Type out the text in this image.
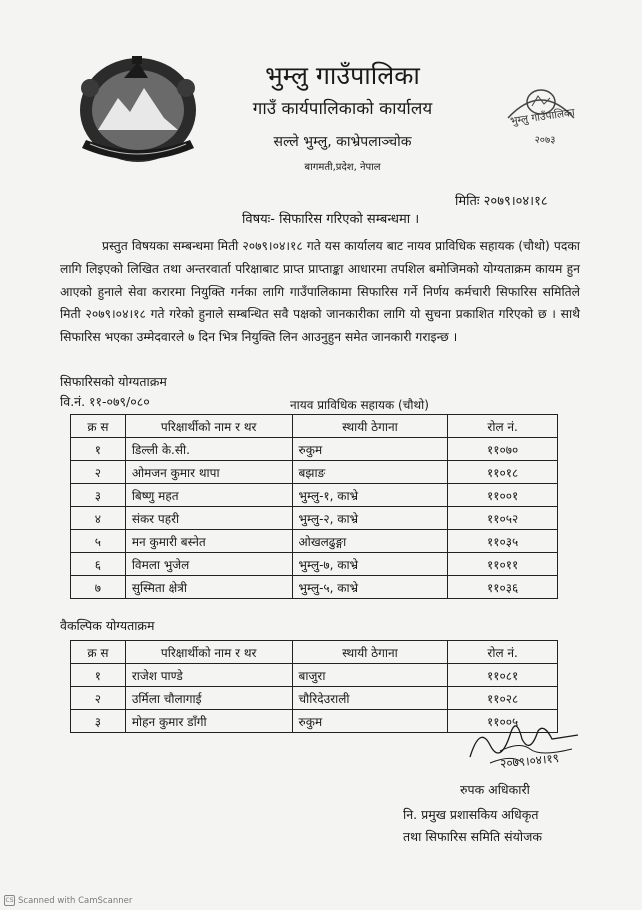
भुम्लु गाउँपालिका
२०७३
भुम्लु गाउँपालिका
गाउँ कार्यपालिकाको कार्यालय
सल्ले भुम्लु, काभ्रेपलाञ्चोक
बागमती,प्रदेश, नेपाल
मितिः २०७९।०४।१८
विषयः- सिफारिस गरिएको सम्बन्धमा ।

प्रस्तुत विषयका सम्बन्धमा मिती २०७९।०४।१८ गते यस कार्यालय बाट नायव प्राविधिक सहायक (चौथो) पदका लागि लिइएको लिखित तथा अन्तरवार्ता परिक्षाबाट प्राप्त प्राप्ताङ्का आधारमा तपशिल बमोजिमको योग्यताक्रम कायम हुन आएको हुनाले सेवा करारमा नियुक्ति गर्नका लागि गाउँपालिकामा सिफारिस गर्ने निर्णय कर्मचारी सिफारिस समितिले मिती २०७९।०४।१८ गते गरेको हुनाले सम्बन्धित सवै पक्षको जानकारीका लागि यो सुचना प्रकाशित गरिएको छ । साथै सिफारिस भएका उम्मेदवारले ७ दिन भित्र नियुक्ति लिन आउनुहुन समेत जानकारी गराइन्छ ।

सिफारिसको योग्यताक्रम
वि.नं. ११-०७९/०८०	नायव प्राविधिक सहायक (चौथो)
क्र स	परिक्षार्थीको नाम र थर	स्थायी ठेगाना	रोल नं.
१	डिल्ली के.सी.	रुकुम	११०७०
२	ओमजन कुमार थापा	बझाङ	११०१८
३	बिष्णु महत	भुम्लु-१, काभ्रे	११००१
४	संकर पहरी	भुम्लु-२, काभ्रे	११०५२
५	मन कुमारी बस्नेत	ओखलढुङ्गा	११०३५
६	विमला भुजेल	भुम्लु-७, काभ्रे	११०११
७	सुस्मिता क्षेत्री	भुम्लु-५, काभ्रे	११०३६
वैकल्पिक योग्यताक्रम
क्र स	परिक्षार्थीको नाम र थर	स्थायी ठेगाना	रोल नं.
१	राजेश पाण्डे	बाजुरा	११०८१
२	उर्मिला चौलागाई	चौरिदेउराली	११०२८
३	मोहन कुमार डाँगी	रुकुम	११००५
२०७९।०४।१९
रुपक अधिकारी
नि. प्रमुख प्रशासकिय अधिकृत
तथा सिफारिस समिति संयोजक
CS Scanned with CamScanner
